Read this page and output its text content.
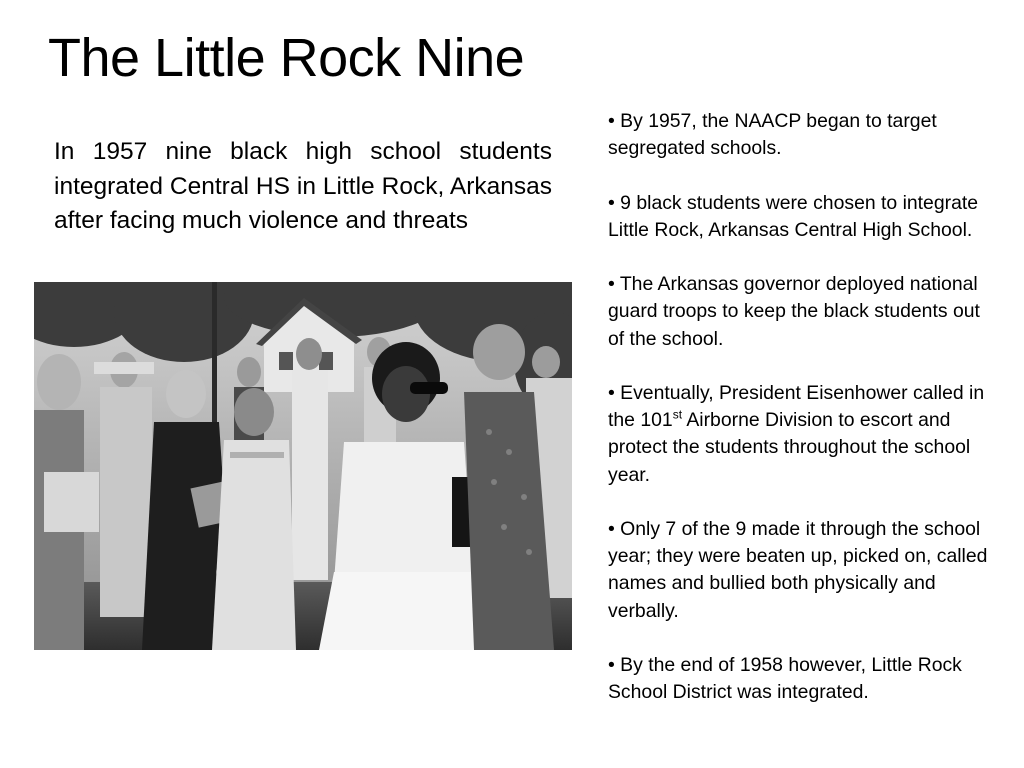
The Little Rock Nine

In 1957 nine black high school students integrated Central HS in Little Rock, Arkansas after facing much violence and threats

• By 1957, the NAACP began to target segregated schools.
• 9 black students were chosen to integrate Little Rock, Arkansas Central High School.
• The Arkansas governor deployed national guard troops to keep the black students out of the school.
• Eventually, President Eisenhower called in the 101st Airborne Division to escort and protect the students throughout the school year.
• Only 7 of the 9 made it through the school year; they were beaten up, picked on, called names and bullied both physically and verbally.
• By the end of 1958 however, Little Rock School District was integrated.
